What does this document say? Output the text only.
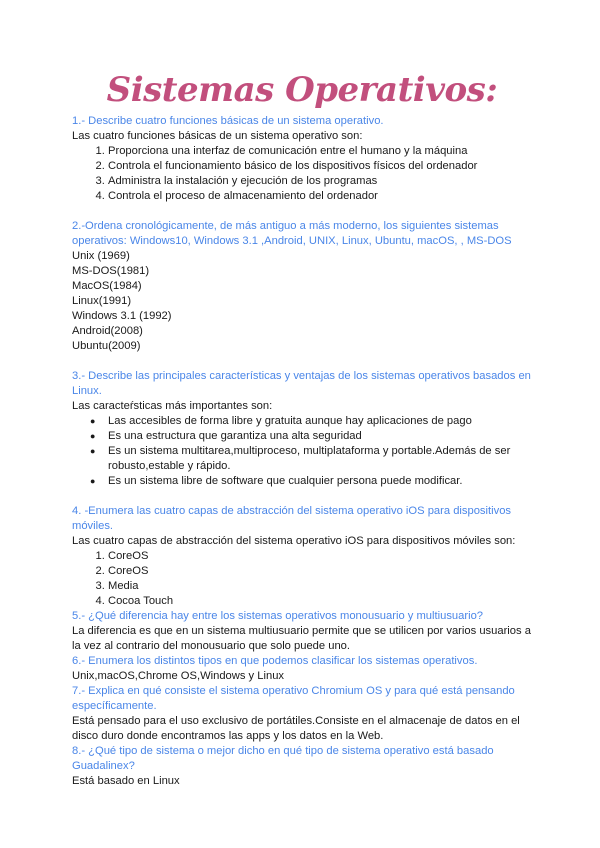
Sistemas Operativos:

1.- Describe cuatro funciones básicas de un sistema operativo.

Las cuatro funciones básicas de un sistema operativo son:

1. Proporciona una interfaz de comunicación entre el humano y la máquina
2. Controla el funcionamiento básico de los dispositivos físicos del ordenador
3. Administra la instalación y ejecución de los programas
4. Controla el proceso de almacenamiento del ordenador

2.-Ordena cronológicamente, de más antiguo a más moderno, los siguientes sistemas operativos: Windows10, Windows 3.1 ,Android, UNIX, Linux, Ubuntu, macOS, , MS-DOS

Unix (1969)

MS-DOS(1981)

MacOS(1984)

Linux(1991)

Windows 3.1 (1992)

Android(2008)

Ubuntu(2009)

3.- Describe las principales características y ventajas de los sistemas operativos basados en Linux.

Las caracteŕsticas más importantes son:

● Las accesibles de forma libre y gratuita aunque hay aplicaciones de pago
● Es una estructura que garantiza una alta seguridad
● Es un sistema multitarea,multiproceso, multiplataforma y portable.Además de ser robusto,estable y rápido.
● Es un sistema libre de software que cualquier persona puede modificar.

4. -Enumera las cuatro capas de abstracción del sistema operativo iOS para dispositivos móviles.

Las cuatro capas de abstracción del sistema operativo iOS para dispositivos móviles son:

1. CoreOS
2. CoreOS
3. Media
4. Cocoa Touch

5.- ¿Qué diferencia hay entre los sistemas operativos monousuario y multiusuario?

La diferencia es que en un sistema multiusuario permite que se utilicen por varios usuarios a la vez al contrario del monousuario que solo puede uno.

6.- Enumera los distintos tipos en que podemos clasificar los sistemas operativos.

Unix,macOS,Chrome OS,Windows y Linux

7.- Explica en qué consiste el sistema operativo Chromium OS y para qué está pensando específicamente.

Está pensado para el uso exclusivo de portátiles.Consiste en el almacenaje de datos en el disco duro donde encontramos las apps y los datos en la Web.

8.- ¿Qué tipo de sistema o mejor dicho en qué tipo de sistema operativo está basado Guadalinex?

Está basado en Linux
